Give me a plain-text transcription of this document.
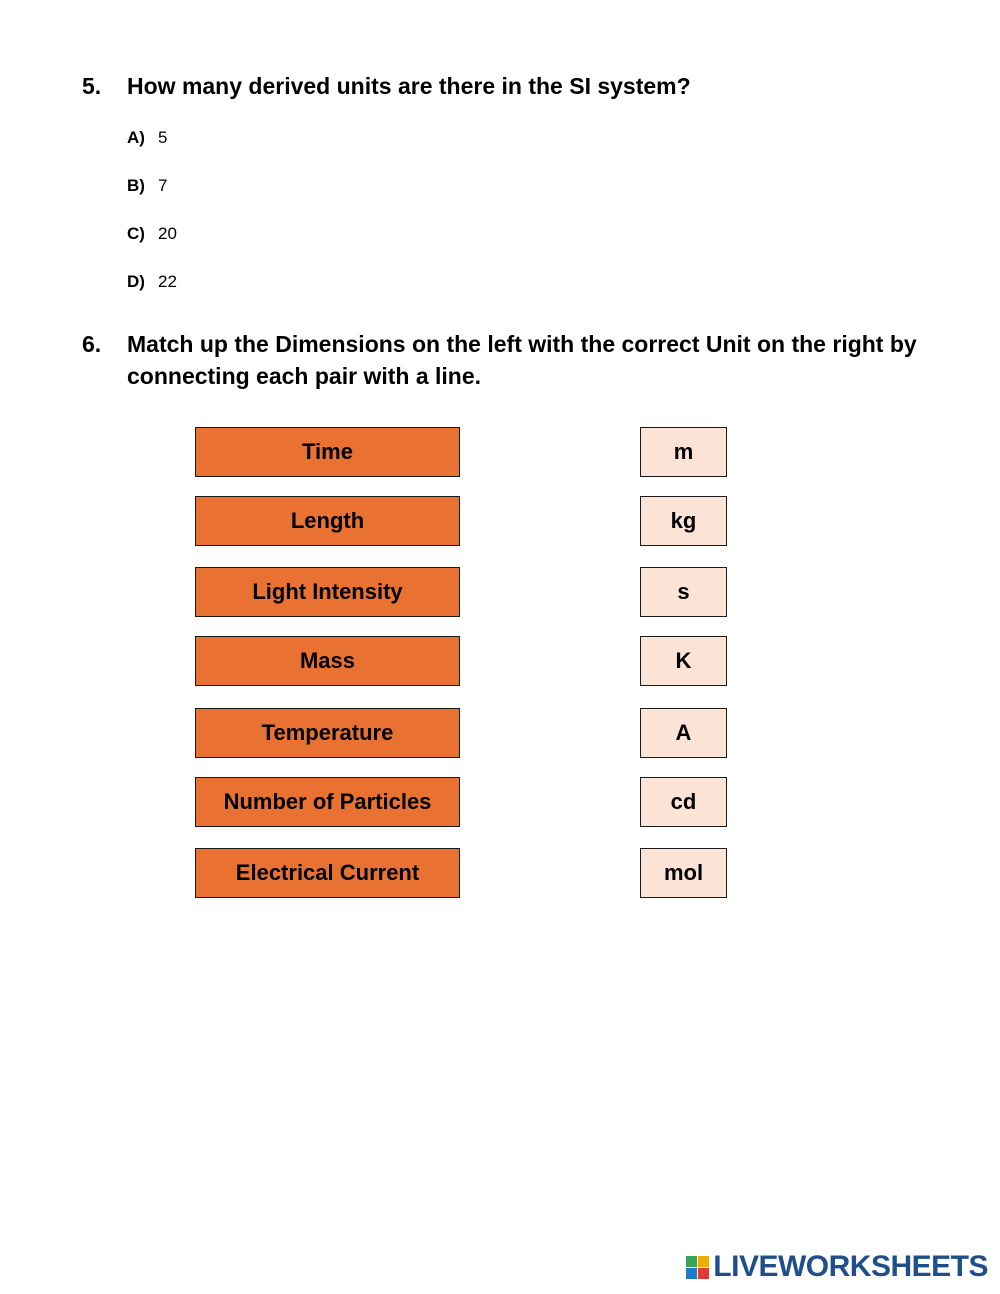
5.	How many derived units are there in the SI system?
A) 5
B) 7
C) 20
D) 22
6.	Match up the Dimensions on the left with the correct Unit on the right by connecting each pair with a line.
Time
Length
Light Intensity
Mass
Temperature
Number of Particles
Electrical Current
m
kg
s
K
A
cd
mol
LIVEWORKSHEETS
